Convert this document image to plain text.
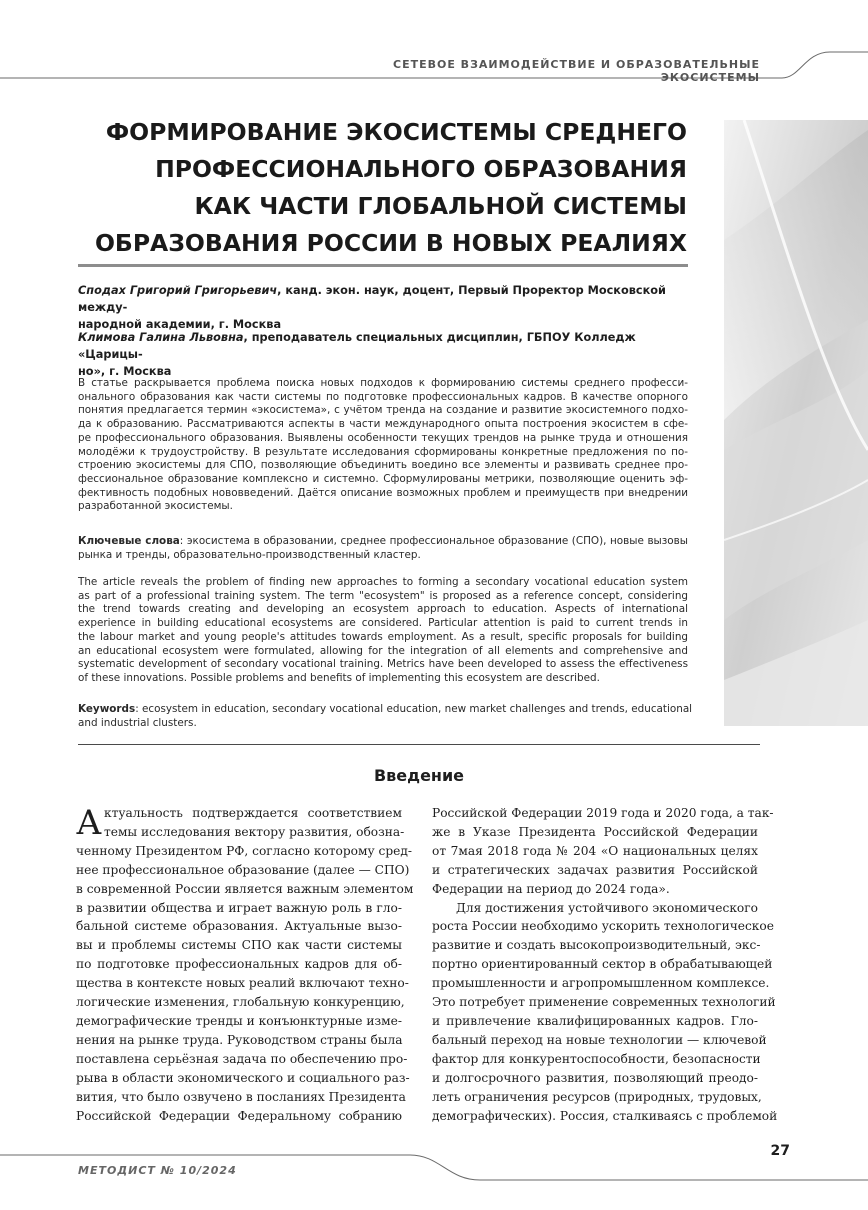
СЕТЕВОЕ ВЗАИМОДЕЙСТВИЕ И ОБРАЗОВАТЕЛЬНЫЕ ЭКОСИСТЕМЫ
ФОРМИРОВАНИЕ ЭКОСИСТЕМЫ СРЕДНЕГО
ПРОФЕССИОНАЛЬНОГО ОБРАЗОВАНИЯ
КАК ЧАСТИ ГЛОБАЛЬНОЙ СИСТЕМЫ
ОБРАЗОВАНИЯ РОССИИ В НОВЫХ РЕАЛИЯХ
Сподах Григорий Григорьевич, канд. экон. наук, доцент, Первый Проректор Московской между-
народной академии, г. Москва
Климова Галина Львовна, преподаватель специальных дисциплин, ГБПОУ Колледж «Царицы-
но», г. Москва
В статье раскрывается проблема поиска новых подходов к формированию системы среднего професси-
онального образования как части системы по подготовке профессиональных кадров. В качестве опорного
понятия предлагается термин «экосистема», с учётом тренда на создание и развитие экосистемного подхо-
да к образованию. Рассматриваются аспекты в части международного опыта построения экосистем в сфе-
ре профессионального образования. Выявлены особенности текущих трендов на рынке труда и отношения
молодёжи к трудоустройству. В результате исследования сформированы конкретные предложения по по-
строению экосистемы для СПО, позволяющие объединить воедино все элементы и развивать среднее про-
фессиональное образование комплексно и системно. Сформулированы метрики, позволяющие оценить эф-
фективность подобных нововведений. Даётся описание возможных проблем и преимуществ при внедрении
разработанной экосистемы.
Ключевые слова: экосистема в образовании, среднее профессиональное образование (СПО), новые вызовы
рынка и тренды, образовательно-производственный кластер.
The article reveals the problem of finding new approaches to forming a secondary vocational education system
as part of a professional training system. The term "ecosystem" is proposed as a reference concept, considering
the trend towards creating and developing an ecosystem approach to education. Aspects of international
experience in building educational ecosystems are considered. Particular attention is paid to current trends in
the labour market and young people's attitudes towards employment. As a result, specific proposals for building
an educational ecosystem were formulated, allowing for the integration of all elements and comprehensive and
systematic development of secondary vocational training. Metrics have been developed to assess the effectiveness
of these innovations. Possible problems and benefits of implementing this ecosystem are described.
Keywords: ecosystem in education, secondary vocational education, new market challenges and trends, educational
and industrial clusters.
Введение
А ктуальность подтверждается соответствием
темы исследования вектору развития, обозна-
ченному Президентом РФ, согласно которому сред-
нее профессиональное образование (далее — СПО)
в современной России является важным элементом
в развитии общества и играет важную роль в гло-
бальной системе образования. Актуальные вызо-
вы и проблемы системы СПО как части системы
по подготовке профессиональных кадров для об-
щества в контексте новых реалий включают техно-
логические изменения, глобальную конкуренцию,
демографические тренды и конъюнктурные изме-
нения на рынке труда. Руководством страны была
поставлена серьёзная задача по обеспечению про-
рыва в области экономического и социального раз-
вития, что было озвучено в посланиях Президента
Российской Федерации Федеральному собранию
Российской Федерации 2019 года и 2020 года, а так-
же в Указе Президента Российской Федерации
от 7мая 2018 года № 204 «О национальных целях
и стратегических задачах развития Российской
Федерации на период до 2024 года».
Для достижения устойчивого экономического
роста России необходимо ускорить технологическое
развитие и создать высокопроизводительный, экс-
портно ориентированный сектор в обрабатывающей
промышленности и агропромышленном комплексе.
Это потребует применение современных технологий
и привлечение квалифицированных кадров. Гло-
бальный переход на новые технологии — ключевой
фактор для конкурентоспособности, безопасности
и долгосрочного развития, позволяющий преодо-
леть ограничения ресурсов (природных, трудовых,
демографических). Россия, сталкиваясь с проблемой
27
МЕТОДИСТ № 10/2024
